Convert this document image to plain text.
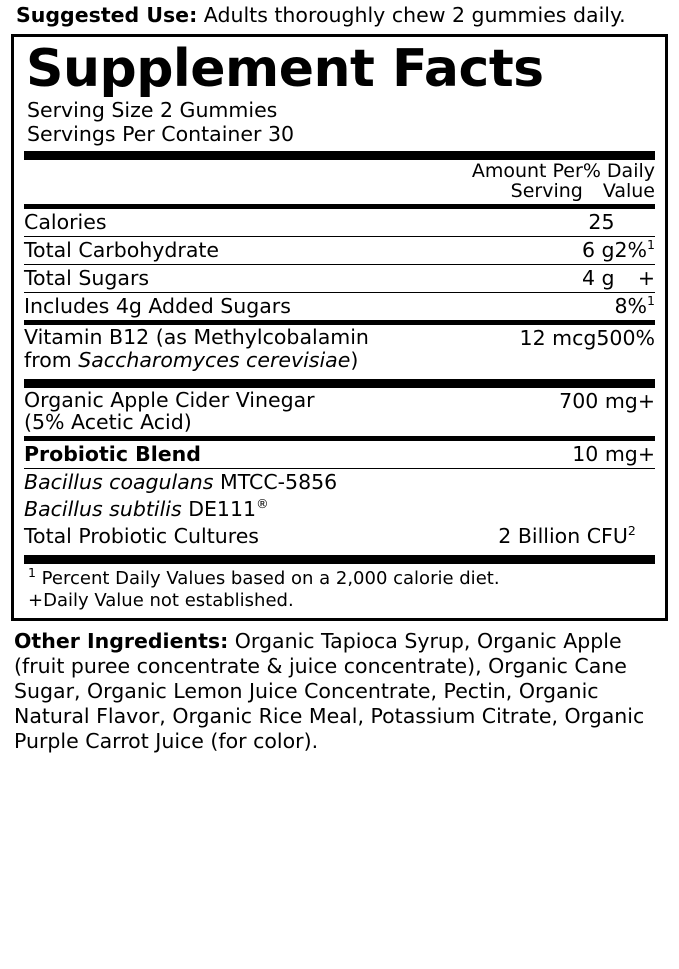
Suggested Use: Adults thoroughly chew 2 gummies daily.
Supplement Facts
Serving Size 2 Gummies
Servings Per Container 30

Amount Per
Serving

% Daily
Value
Calories	25	
Total Carbohydrate	6 g	2%$^1$
Total Sugars	4 g	+
Includes 4g Added Sugars		8%$^1$
Vitamin B12 (as Methylcobalamin
from Saccharomyces cerevisiae)
	12 mcg	500%
Organic Apple Cider Vinegar
(5% Acetic Acid)
	700 mg	+
Probiotic Blend	10 mg	+
Bacillus coagulans MTCC-5856		
Bacillus subtilis DE111®		
Total Probiotic Cultures	2 Billion CFU$^2$	
$^1$ Percent Daily Values based on a 2,000 calorie diet.
+Daily Value not established.
Other Ingredients: Organic Tapioca Syrup, Organic Apple (fruit puree concentrate & juice concentrate), Organic Cane Sugar, Organic Lemon Juice Concentrate, Pectin, Organic Natural Flavor, Organic Rice Meal, Potassium Citrate, Organic Purple Carrot Juice (for color).
